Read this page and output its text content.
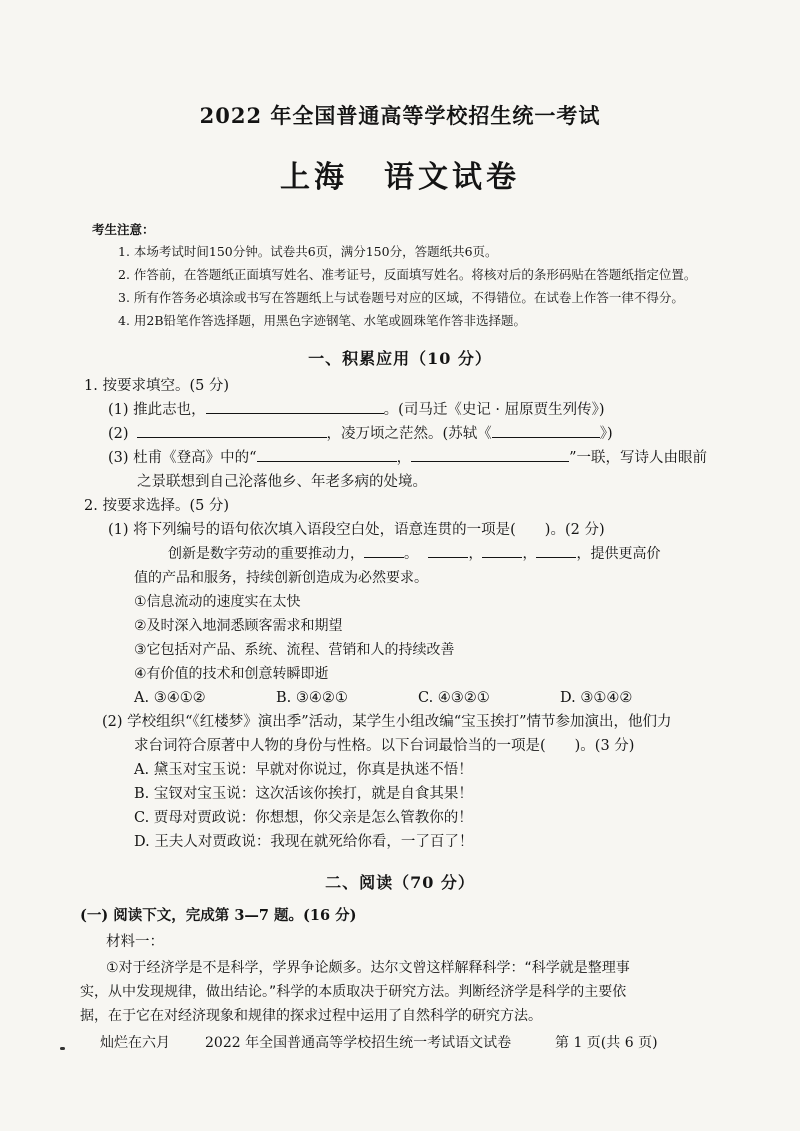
2022 年全国普通高等学校招生统一考试
上海 语文试卷
考生注意：
1. 本场考试时间150分钟。试卷共6页，满分150分，答题纸共6页。
2. 作答前，在答题纸正面填写姓名、准考证号，反面填写姓名。将核对后的条形码贴在答题纸指定位置。
3. 所有作答务必填涂或书写在答题纸上与试卷题号对应的区域，不得错位。在试卷上作答一律不得分。
4. 用2B铅笔作答选择题，用黑色字迹钢笔、水笔或圆珠笔作答非选择题。
一、积累应用（10 分）
1. 按要求填空。(5 分)
(1) 推此志也，	。(司马迁《史记 · 屈原贾生列传》)
(2)	，凌万顷之茫然。(苏轼《	》)
(3) 杜甫《登高》中的“	，	”一联，写诗人由眼前
之景联想到自己沦落他乡、年老多病的处境。
2. 按要求选择。(5 分)
(1) 将下列编号的语句依次填入语段空白处，语意连贯的一项是(　　)。(2 分)
创新是数字劳动的重要推动力，	。	，	，	，提供更高价
值的产品和服务，持续创新创造成为必然要求。
①信息流动的速度实在太快
②及时深入地洞悉顾客需求和期望
③它包括对产品、系统、流程、营销和人的持续改善
④有价值的技术和创意转瞬即逝
A. ③④①②	B. ③④②①	C. ④③②①	D. ③①④②
(2) 学校组织“《红楼梦》演出季”活动，某学生小组改编“宝玉挨打”情节参加演出，他们力
求台词符合原著中人物的身份与性格。以下台词最恰当的一项是(　　)。(3 分)
A. 黛玉对宝玉说：早就对你说过，你真是执迷不悟！
B. 宝钗对宝玉说：这次活该你挨打，就是自食其果！
C. 贾母对贾政说：你想想，你父亲是怎么管教你的！
D. 王夫人对贾政说：我现在就死给你看，一了百了！
二、阅读（70 分）
(一) 阅读下文，完成第 3—7 题。(16 分)
材料一：
①对于经济学是不是科学，学界争论颇多。达尔文曾这样解释科学：“科学就是整理事
实，从中发现规律，做出结论。”科学的本质取决于研究方法。判断经济学是科学的主要依
据，在于它在对经济现象和规律的探求过程中运用了自然科学的研究方法。
灿烂在六月	2022 年全国普通高等学校招生统一考试语文试卷	第 1 页(共 6 页)
